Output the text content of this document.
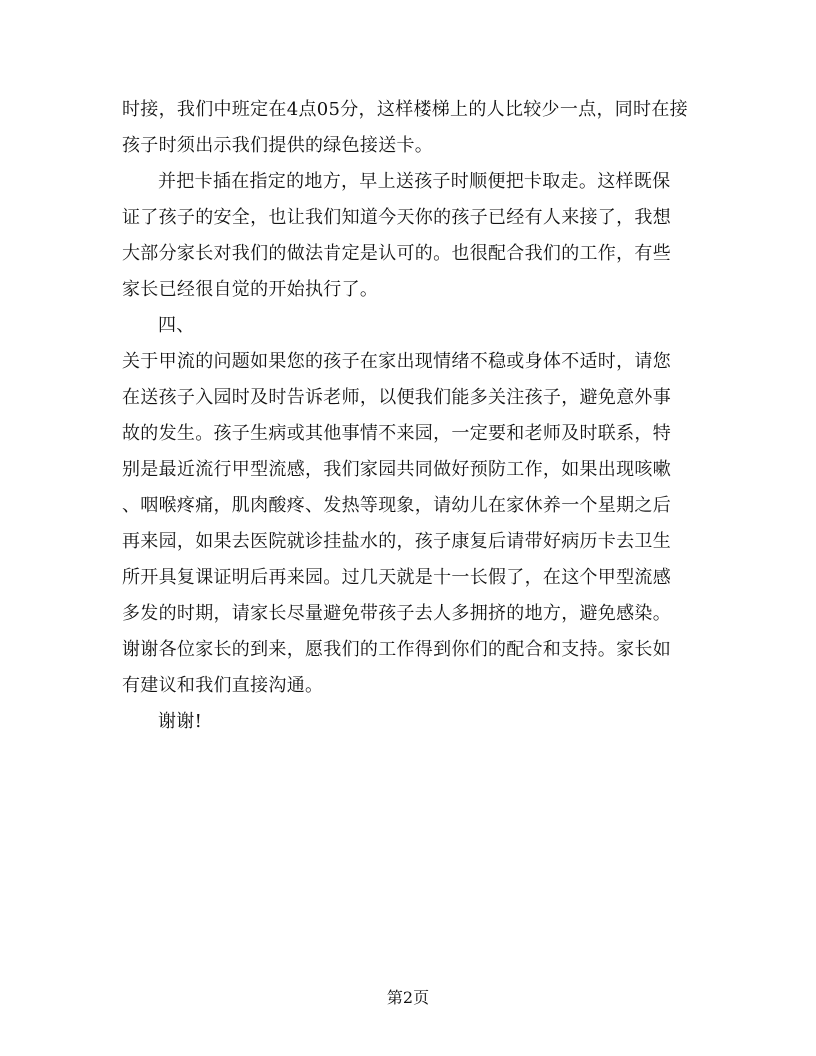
时接，我们中班定在4点05分，这样楼梯上的人比较少一点，同时在接
孩子时须出示我们提供的绿色接送卡。
并把卡插在指定的地方，早上送孩子时顺便把卡取走。这样既保
证了孩子的安全，也让我们知道今天你的孩子已经有人来接了，我想
大部分家长对我们的做法肯定是认可的。也很配合我们的工作，有些
家长已经很自觉的开始执行了。
四、
关于甲流的问题如果您的孩子在家出现情绪不稳或身体不适时，请您
在送孩子入园时及时告诉老师，以便我们能多关注孩子，避免意外事
故的发生。孩子生病或其他事情不来园，一定要和老师及时联系，特
别是最近流行甲型流感，我们家园共同做好预防工作，如果出现咳嗽
、咽喉疼痛，肌肉酸疼、发热等现象，请幼儿在家休养一个星期之后
再来园，如果去医院就诊挂盐水的，孩子康复后请带好病历卡去卫生
所开具复课证明后再来园。过几天就是十一长假了，在这个甲型流感
多发的时期，请家长尽量避免带孩子去人多拥挤的地方，避免感染。
谢谢各位家长的到来，愿我们的工作得到你们的配合和支持。家长如
有建议和我们直接沟通。
谢谢!
第2页
